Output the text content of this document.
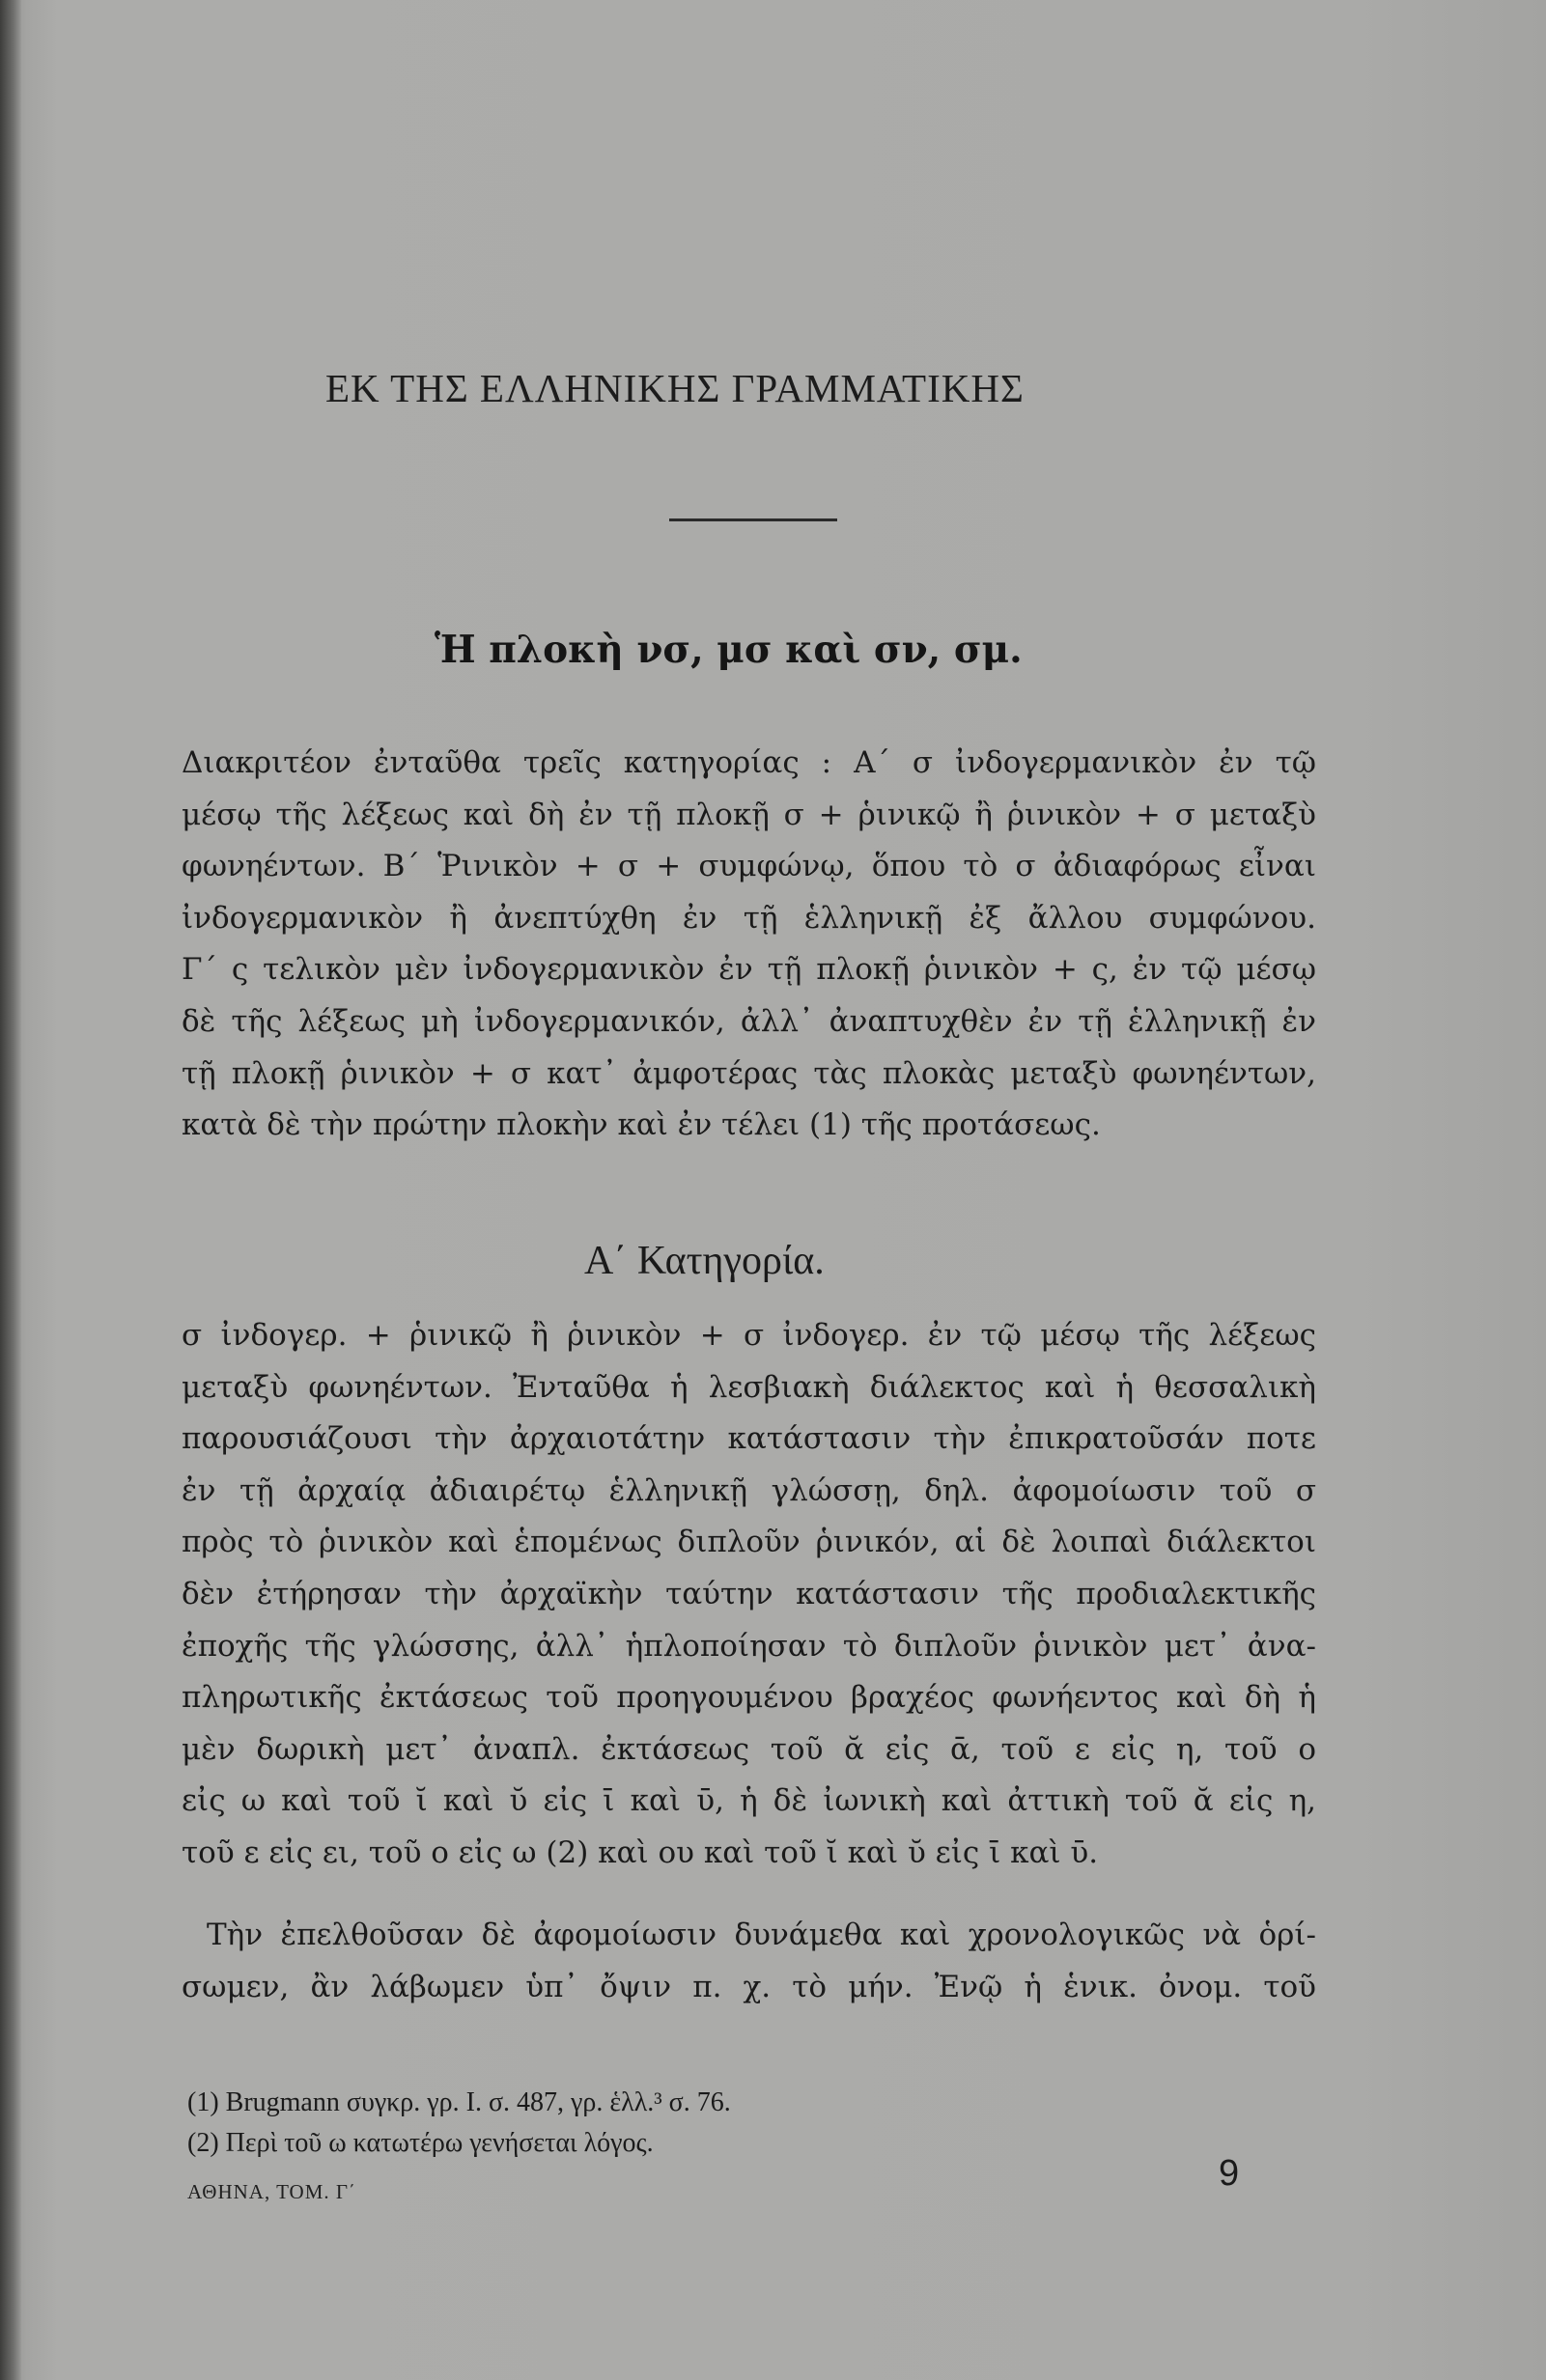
ΕΚ ΤΗΣ ΕΛΛΗΝΙΚΗΣ ΓΡΑΜΜΑΤΙΚΗΣ
Ἡ πλοκὴ νσ, μσ καὶ σν, σμ.
Διακριτέον ἐνταῦθα τρεῖς κατηγορίας : Α΄ σ ἰνδογερμανικὸν ἐν τῷ
μέσῳ τῆς λέξεως καὶ δὴ ἐν τῇ πλοκῇ σ + ῥινικῷ ἢ ῥινικὸν + σ μεταξὺ
φωνηέντων. Β΄ Ῥινικὸν + σ + συμφώνῳ, ὅπου τὸ σ ἀδιαφόρως εἶναι
ἰνδογερμανικὸν ἢ ἀνεπτύχθη ἐν τῇ ἑλληνικῇ ἐξ ἄλλου συμφώνου.
Γ΄ ς τελικὸν μὲν ἰνδογερμανικὸν ἐν τῇ πλοκῇ ῥινικὸν + ς, ἐν τῷ μέσῳ
δὲ τῆς λέξεως μὴ ἰνδογερμανικόν, ἀλλ᾽ ἀναπτυχθὲν ἐν τῇ ἑλληνικῇ ἐν
τῇ πλοκῇ ῥινικὸν + σ κατ᾽ ἀμφοτέρας τὰς πλοκὰς μεταξὺ φωνηέντων,
κατὰ δὲ τὴν πρώτην πλοκὴν καὶ ἐν τέλει (1) τῆς προτάσεως.
Α΄ Κατηγορία.
σ ἰνδογερ. + ῥινικῷ ἢ ῥινικὸν + σ ἰνδογερ. ἐν τῷ μέσῳ τῆς λέξεως
μεταξὺ φωνηέντων. Ἐνταῦθα ἡ λεσβιακὴ διάλεκτος καὶ ἡ θεσσαλικὴ
παρουσιάζουσι τὴν ἀρχαιοτάτην κατάστασιν τὴν ἐπικρατοῦσάν ποτε
ἐν τῇ ἀρχαίᾳ ἀδιαιρέτῳ ἑλληνικῇ γλώσσῃ, δηλ. ἀφομοίωσιν τοῦ σ
πρὸς τὸ ῥινικὸν καὶ ἑπομένως διπλοῦν ῥινικόν, αἱ δὲ λοιπαὶ διάλεκτοι
δὲν ἐτήρησαν τὴν ἀρχαϊκὴν ταύτην κατάστασιν τῆς προδιαλεκτικῆς
ἐποχῆς τῆς γλώσσης, ἀλλ᾽ ἡπλοποίησαν τὸ διπλοῦν ῥινικὸν μετ᾽ ἀνα-
πληρωτικῆς ἐκτάσεως τοῦ προηγουμένου βραχέος φωνήεντος καὶ δὴ ἡ
μὲν δωρικὴ μετ᾽ ἀναπλ. ἐκτάσεως τοῦ ᾰ εἰς ᾱ, τοῦ ε εἰς η, τοῦ ο
εἰς ω καὶ τοῦ ῐ καὶ ῠ εἰς ῑ καὶ ῡ, ἡ δὲ ἰωνικὴ καὶ ἀττικὴ τοῦ ᾰ εἰς η,
τοῦ ε εἰς ει, τοῦ ο εἰς ω (2) καὶ ου καὶ τοῦ ῐ καὶ ῠ εἰς ῑ καὶ ῡ.
Τὴν ἐπελθοῦσαν δὲ ἀφομοίωσιν δυνάμεθα καὶ χρονολογικῶς νὰ ὁρί-
σωμεν, ἂν λάβωμεν ὑπ᾽ ὄψιν π. χ. τὸ μήν. Ἐνῷ ἡ ἑνικ. ὀνομ. τοῦ
(1) Brugmann συγκρ. γρ. I. σ. 487, γρ. ἑλλ.³ σ. 76.
(2) Περὶ τοῦ ω κατωτέρω γενήσεται λόγος.
ΑΘΗΝΑ, ΤΟΜ. Γ΄	9
